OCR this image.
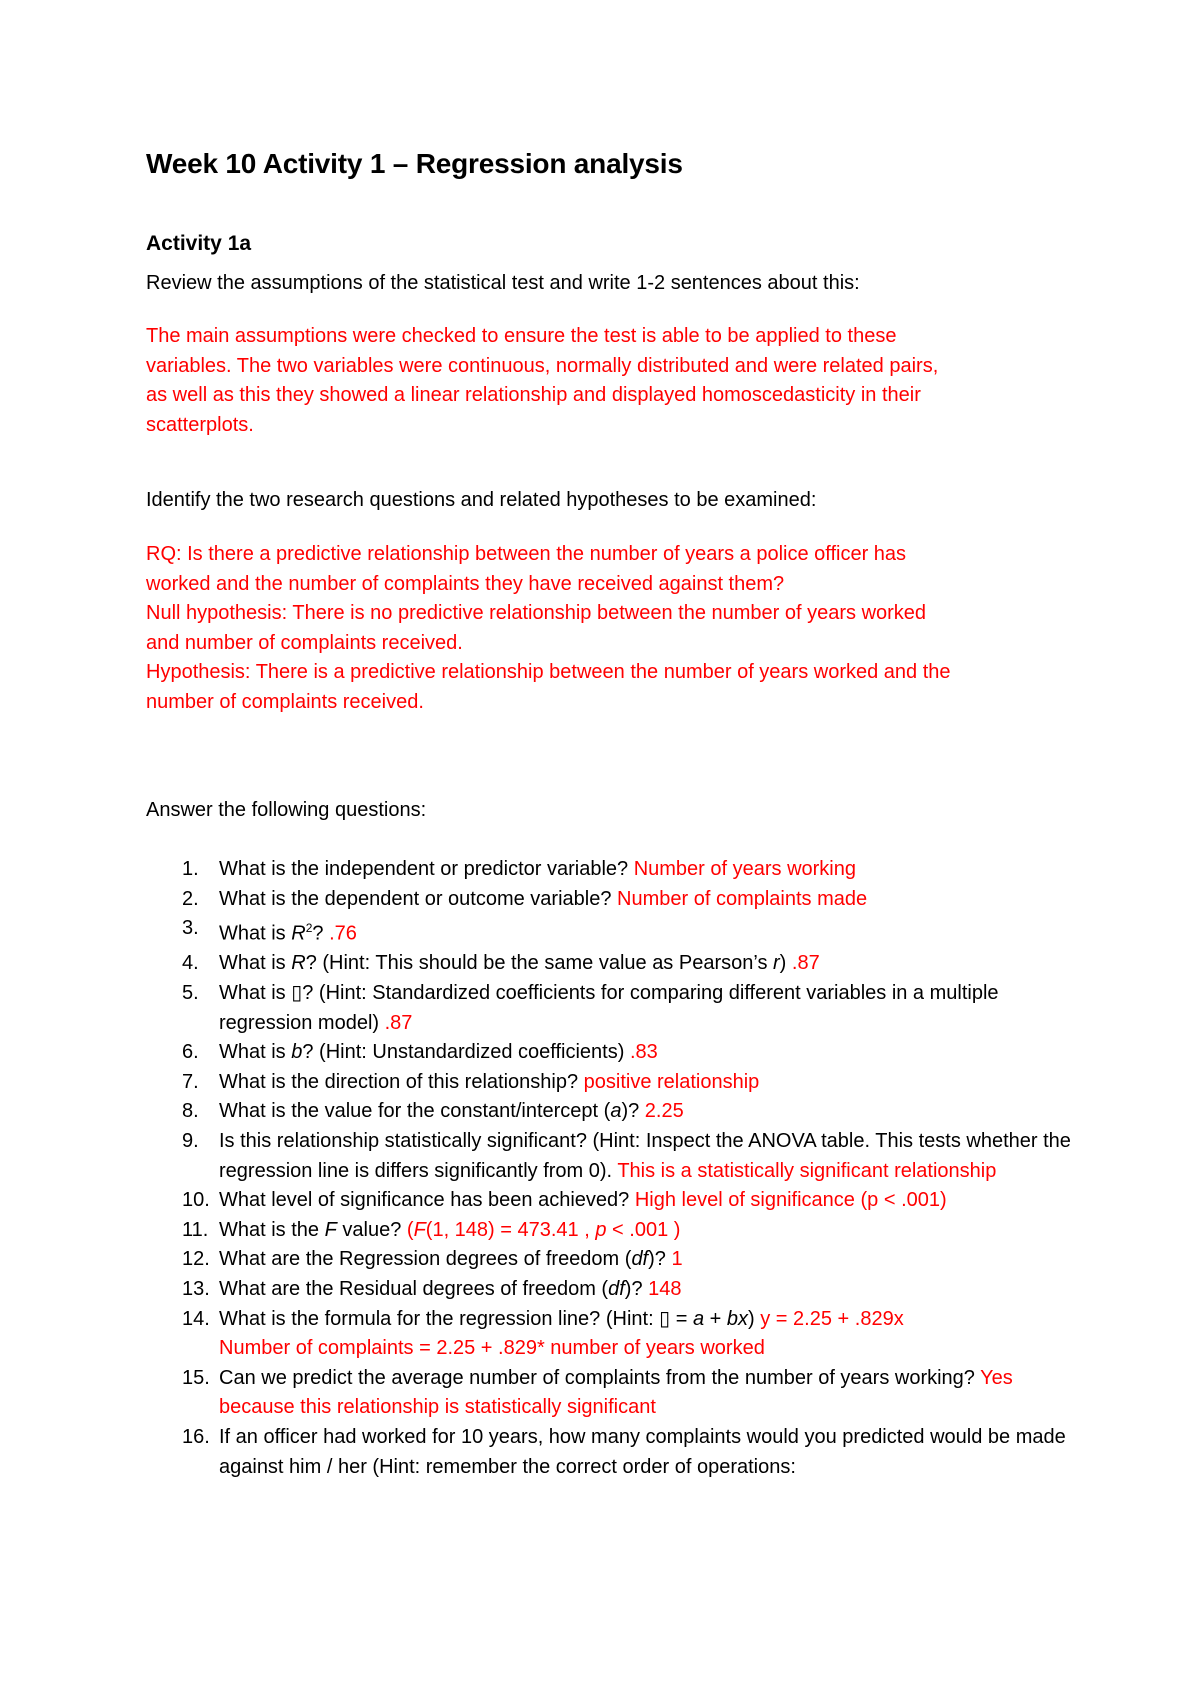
Week 10 Activity 1 – Regression analysis
Activity 1a

Review the assumptions of the statistical test and write 1-2 sentences about this:

The main assumptions were checked to ensure the test is able to be applied to these
variables. The two variables were continuous, normally distributed and were related pairs,
as well as this they showed a linear relationship and displayed homoscedasticity in their
scatterplots.

Identify the two research questions and related hypotheses to be examined:

RQ: Is there a predictive relationship between the number of years a police officer has
worked and the number of complaints they have received against them?
Null hypothesis: There is no predictive relationship between the number of years worked
and number of complaints received.
Hypothesis: There is a predictive relationship between the number of years worked and the
number of complaints received.

Answer the following questions:

1. What is the independent or predictor variable? Number of years working
2. What is the dependent or outcome variable? Number of complaints made
3. What is $R^2$? .76
4. What is R? (Hint: This should be the same value as Pearson’s r) .87
5. What is ▯? (Hint: Standardized coefficients for comparing different variables in a multiple regression model) .87
6. What is b? (Hint: Unstandardized coefficients) .83
7. What is the direction of this relationship? positive relationship
8. What is the value for the constant/intercept (a)? 2.25
9. Is this relationship statistically significant? (Hint: Inspect the ANOVA table. This tests whether the regression line is differs significantly from 0). This is a statistically significant relationship
10. What level of significance has been achieved? High level of significance (p < .001)
11. What is the F value? (F(1, 148) = 473.41 , p < .001 )
12. What are the Regression degrees of freedom (df)? 1
13. What are the Residual degrees of freedom (df)? 148
14. What is the formula for the regression line? (Hint: ▯ = a + bx) y = 2.25 + .829x
Number of complaints = 2.25 + .829* number of years worked
15. Can we predict the average number of complaints from the number of years working? Yes because this relationship is statistically significant
16. If an officer had worked for 10 years, how many complaints would you predicted would be made against him / her (Hint: remember the correct order of operations:
